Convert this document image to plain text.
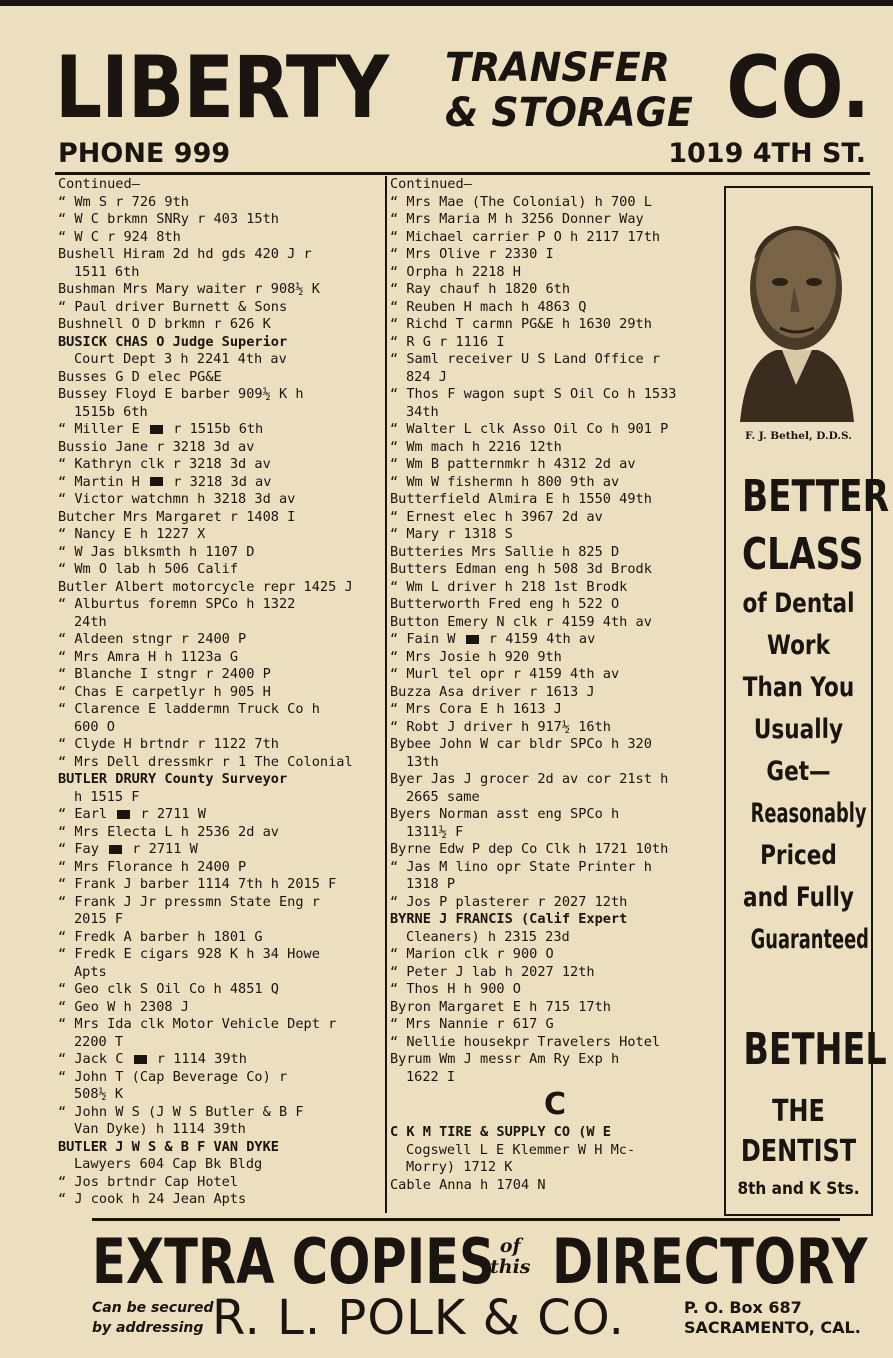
LIBERTY TRANSFER
& STORAGE CO.
PHONE 999	1019 4TH ST.
Continued—
“ Wm S r 726 9th
“ W C brkmn SNRy r 403 15th
“ W C r 924 8th
Bushell Hiram 2d hd gds 420 J r
1511 6th
Bushman Mrs Mary waiter r 908½ K
“ Paul driver Burnett & Sons
Bushnell O D brkmn r 626 K
BUSICK CHAS O Judge Superior
Court Dept 3 h 2241 4th av
Busses G D elec PG&E
Bussey Floyd E barber 909½ K h
1515b 6th
“ Miller E  r 1515b 6th
Bussio Jane r 3218 3d av
“ Kathryn clk r 3218 3d av
“ Martin H  r 3218 3d av
“ Victor watchmn h 3218 3d av
Butcher Mrs Margaret r 1408 I
“ Nancy E h 1227 X
“ W Jas blksmth h 1107 D
“ Wm O lab h 506 Calif
Butler Albert motorcycle repr 1425 J
“ Alburtus foremn SPCo h 1322
24th
“ Aldeen stngr r 2400 P
“ Mrs Amra H h 1123a G
“ Blanche I stngr r 2400 P
“ Chas E carpetlyr h 905 H
“ Clarence E laddermn Truck Co h
600 O
“ Clyde H brtndr r 1122 7th
“ Mrs Dell dressmkr r 1 The Colonial
BUTLER DRURY County Surveyor
h 1515 F
“ Earl  r 2711 W
“ Mrs Electa L h 2536 2d av
“ Fay  r 2711 W
“ Mrs Florance h 2400 P
“ Frank J barber 1114 7th h 2015 F
“ Frank J Jr pressmn State Eng r
2015 F
“ Fredk A barber h 1801 G
“ Fredk E cigars 928 K h 34 Howe
Apts
“ Geo clk S Oil Co h 4851 Q
“ Geo W h 2308 J
“ Mrs Ida clk Motor Vehicle Dept r
2200 T
“ Jack C  r 1114 39th
“ John T (Cap Beverage Co) r
508½ K
“ John W S (J W S Butler & B F
Van Dyke) h 1114 39th
BUTLER J W S & B F VAN DYKE
Lawyers 604 Cap Bk Bldg
“ Jos brtndr Cap Hotel
“ J cook h 24 Jean Apts
Continued—
“ Mrs Mae (The Colonial) h 700 L
“ Mrs Maria M h 3256 Donner Way
“ Michael carrier P O h 2117 17th
“ Mrs Olive r 2330 I
“ Orpha h 2218 H
“ Ray chauf h 1820 6th
“ Reuben H mach h 4863 Q
“ Richd T carmn PG&E h 1630 29th
“ R G r 1116 I
“ Saml receiver U S Land Office r
824 J
“ Thos F wagon supt S Oil Co h 1533
34th
“ Walter L clk Asso Oil Co h 901 P
“ Wm mach h 2216 12th
“ Wm B patternmkr h 4312 2d av
“ Wm W fishermn h 800 9th av
Butterfield Almira E h 1550 49th
“ Ernest elec h 3967 2d av
“ Mary r 1318 S
Butteries Mrs Sallie h 825 D
Butters Edman eng h 508 3d Brodk
“ Wm L driver h 218 1st Brodk
Butterworth Fred eng h 522 O
Button Emery N clk r 4159 4th av
“ Fain W  r 4159 4th av
“ Mrs Josie h 920 9th
“ Murl tel opr r 4159 4th av
Buzza Asa driver r 1613 J
“ Mrs Cora E h 1613 J
“ Robt J driver h 917½ 16th
Bybee John W car bldr SPCo h 320
13th
Byer Jas J grocer 2d av cor 21st h
2665 same
Byers Norman asst eng SPCo h
1311½ F
Byrne Edw P dep Co Clk h 1721 10th
“ Jas M lino opr State Printer h
1318 P
“ Jos P plasterer r 2027 12th
BYRNE J FRANCIS (Calif Expert
Cleaners) h 2315 23d
“ Marion clk r 900 O
“ Peter J lab h 2027 12th
“ Thos H h 900 O
Byron Margaret E h 715 17th
“ Mrs Nannie r 617 G
“ Nellie housekpr Travelers Hotel
Byrum Wm J messr Am Ry Exp h
1622 I
C
C K M TIRE & SUPPLY CO (W E
Cogswell L E Klemmer W H Mc-
Morry) 1712 K
Cable Anna h 1704 N
F. J. Bethel, D.D.S.
BETTER
CLASS
of Dental
Work
Than You
Usually
Get—
Reasonably
Priced
and Fully
Guaranteed
BETHEL
THE
DENTIST
8th and K Sts.
EXTRA COPIES of
this DIRECTORY
Can be secured
by addressing R. L. POLK & CO.	P. O. Box 687
SACRAMENTO, CAL.
